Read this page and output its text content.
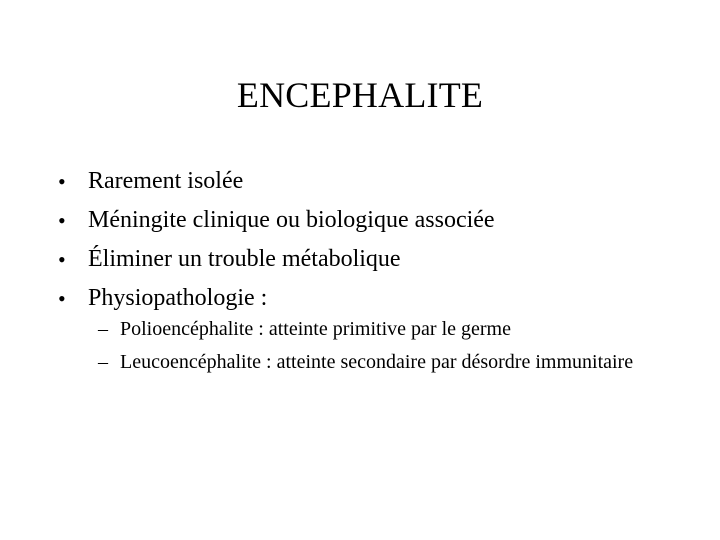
ENCEPHALITE
• Rarement isolée
• Méningite clinique ou biologique associée
• Éliminer un trouble métabolique
• Physiopathologie :
– Polioencéphalite : atteinte primitive par le germe
– Leucoencéphalite : atteinte secondaire par désordre immunitaire
